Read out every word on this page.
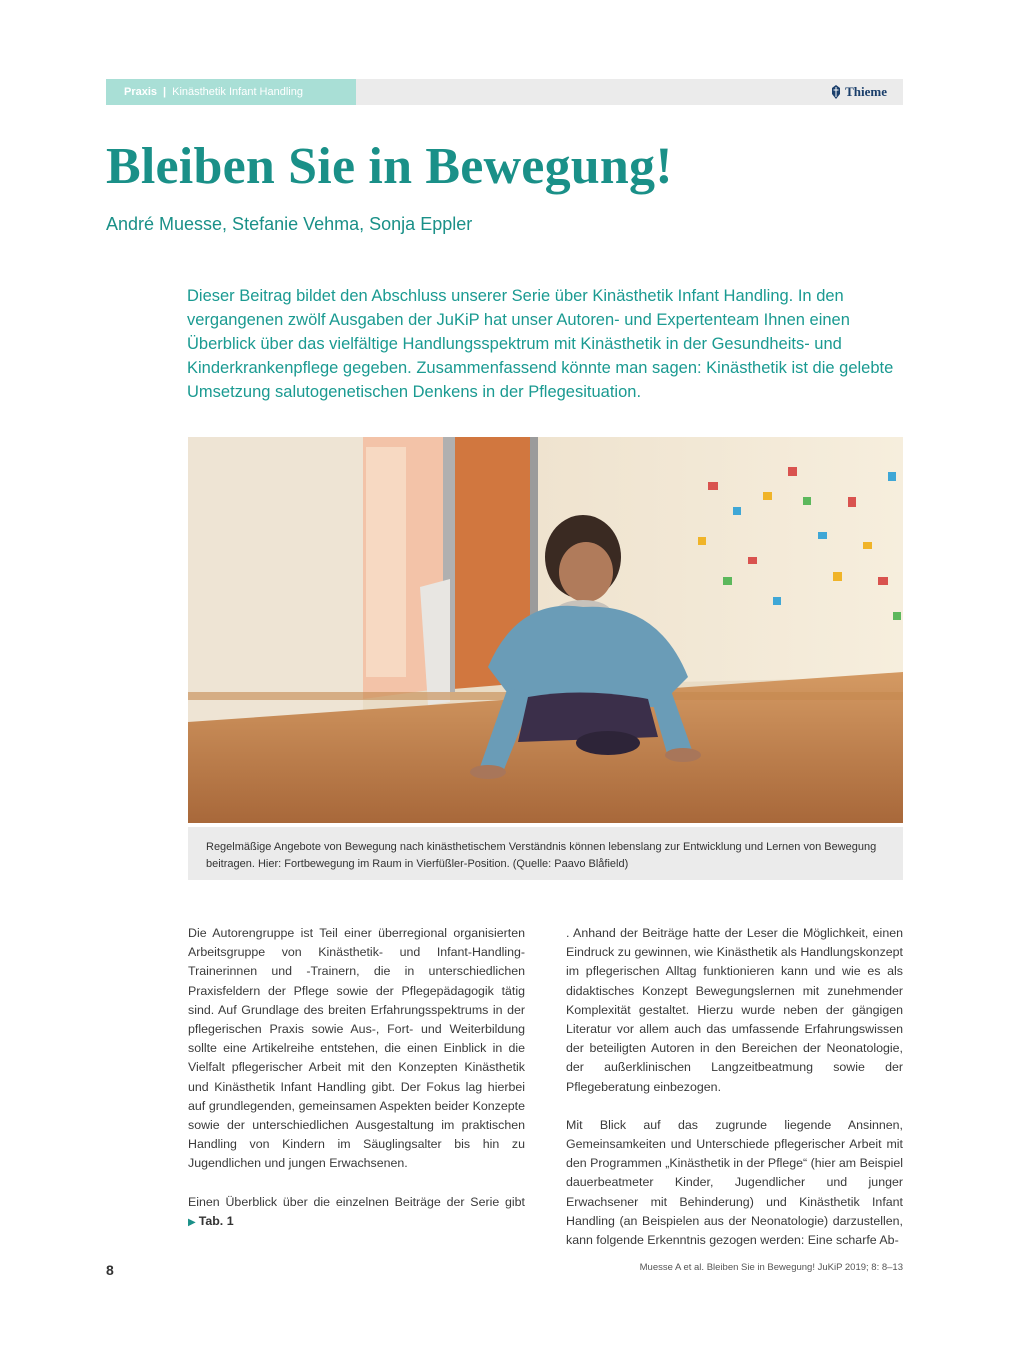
Praxis | Kinästhetik Infant Handling	Thieme
Bleiben Sie in Bewegung!
André Muesse, Stefanie Vehma, Sonja Eppler

Dieser Beitrag bildet den Abschluss unserer Serie über Kinästhetik Infant Handling. In den vergangenen zwölf Ausgaben der JuKiP hat unser Autoren- und Expertenteam Ihnen einen Überblick über das vielfältige Handlungsspektrum mit Kinästhetik in der Gesundheits- und Kinderkrankenpflege gegeben. Zusammenfassend könnte man sagen: Kinästhetik ist die gelebte Umsetzung salutogenetischen Denkens in der Pflegesituation.

Regelmäßige Angebote von Bewegung nach kinästhetischem Verständnis können lebenslang zur Entwicklung und Lernen von Bewegung beitragen. Hier: Fortbewegung im Raum in Vierfüßler-Position. (Quelle: Paavo Blåfield)

Die Autorengruppe ist Teil einer überregional organisierten Arbeitsgruppe von Kinästhetik- und Infant-Handling-Trainerinnen und -Trainern, die in unterschiedlichen Praxisfeldern der Pflege sowie der Pflegepädagogik tätig sind. Auf Grundlage des breiten Erfahrungsspektrums in der pflegerischen Praxis sowie Aus-, Fort- und Weiterbildung sollte eine Artikelreihe entstehen, die einen Einblick in die Vielfalt pflegerischer Arbeit mit den Konzepten Kinästhetik und Kinästhetik Infant Handling gibt. Der Fokus lag hierbei auf grundlegenden, gemeinsamen Aspekten beider Konzepte sowie der unterschiedlichen Ausgestaltung im praktischen Handling von Kindern im Säuglingsalter bis hin zu Jugendlichen und jungen Erwachsenen.

Einen Überblick über die einzelnen Beiträge der Serie gibt ▶ Tab. 1

. Anhand der Beiträge hatte der Leser die Möglichkeit, einen Eindruck zu gewinnen, wie Kinästhetik als Handlungskonzept im pflegerischen Alltag funktionieren kann und wie es als didaktisches Konzept Bewegungslernen mit zunehmender Komplexität gestaltet. Hierzu wurde neben der gängigen Literatur vor allem auch das umfassende Erfahrungswissen der beteiligten Autoren in den Bereichen der Neonatologie, der außerklinischen Langzeitbeatmung sowie der Pflegeberatung einbezogen.

Mit Blick auf das zugrunde liegende Ansinnen, Gemeinsamkeiten und Unterschiede pflegerischer Arbeit mit den Programmen „Kinästhetik in der Pflege“ (hier am Beispiel dauerbeatmeter Kinder, Jugendlicher und junger Erwachsener mit Behinderung) und Kinästhetik Infant Handling (an Beispielen aus der Neonatologie) darzustellen, kann folgende Erkenntnis gezogen werden: Eine scharfe Ab-

8	Muesse A et al. Bleiben Sie in Bewegung! JuKiP 2019; 8: 8–13
